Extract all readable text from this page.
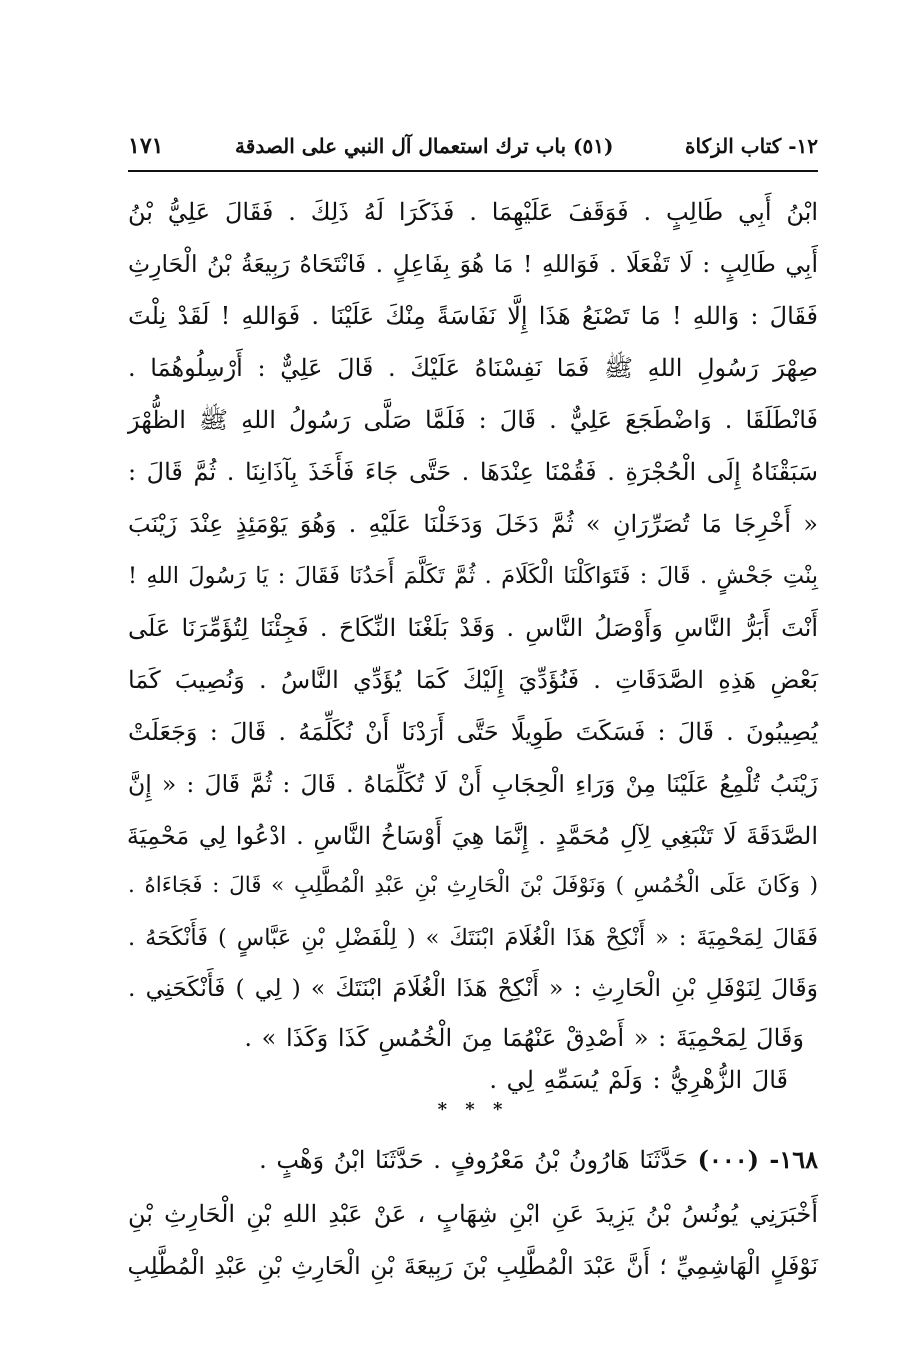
١٢- كتاب الزكاة
(٥١) باب ترك استعمال آل النبي على الصدقة
١٧١
ابْنُ أَبِي طَالِبٍ . فَوَقَفَ عَلَيْهِمَا . فَذَكَرَا لَهُ ذَلِكَ . فَقَالَ عَلِيُّ بْنُ
أَبِي طَالِبٍ : لَا تَفْعَلَا . فَوَاللهِ ! مَا هُوَ بِفَاعِلٍ . فَانْتَحَاهُ رَبِيعَةُ بْنُ الْحَارِثِ
فَقَالَ : وَاللهِ ! مَا تَصْنَعُ هَذَا إِلَّا نَفَاسَةً مِنْكَ عَلَيْنَا . فَوَاللهِ ! لَقَدْ نِلْتَ
صِهْرَ رَسُولِ اللهِ ﷺ فَمَا نَفِسْنَاهُ عَلَيْكَ . قَالَ عَلِيٌّ : أَرْسِلُوهُمَا .
فَانْطَلَقَا . وَاضْطَجَعَ عَلِيٌّ . قَالَ : فَلَمَّا صَلَّى رَسُولُ اللهِ ﷺ الظُّهْرَ
سَبَقْنَاهُ إِلَى الْحُجْرَةِ . فَقُمْنَا عِنْدَهَا . حَتَّى جَاءَ فَأَخَذَ بِآذَانِنَا . ثُمَّ قَالَ :
« أَخْرِجَا مَا تُصَرِّرَانِ » ثُمَّ دَخَلَ وَدَخَلْنَا عَلَيْهِ . وَهُوَ يَوْمَئِذٍ عِنْدَ زَيْنَبَ
بِنْتِ جَحْشٍ . قَالَ : فَتَوَاكَلْنَا الْكَلَامَ . ثُمَّ تَكَلَّمَ أَحَدُنَا فَقَالَ : يَا رَسُولَ اللهِ !
أَنْتَ أَبَرُّ النَّاسِ وَأَوْصَلُ النَّاسِ . وَقَدْ بَلَغْنَا النِّكَاحَ . فَجِئْنَا لِتُؤَمِّرَنَا عَلَى
بَعْضِ هَذِهِ الصَّدَقَاتِ . فَنُؤَدِّيَ إِلَيْكَ كَمَا يُؤَدِّي النَّاسُ . وَنُصِيبَ كَمَا
يُصِيبُونَ . قَالَ : فَسَكَتَ طَوِيلًا حَتَّى أَرَدْنَا أَنْ نُكَلِّمَهُ . قَالَ : وَجَعَلَتْ
زَيْنَبُ تُلْمِعُ عَلَيْنَا مِنْ وَرَاءِ الْحِجَابِ أَنْ لَا تُكَلِّمَاهُ . قَالَ : ثُمَّ قَالَ : « إِنَّ
الصَّدَقَةَ لَا تَنْبَغِي لِآلِ مُحَمَّدٍ . إِنَّمَا هِيَ أَوْسَاخُ النَّاسِ . ادْعُوا لِي مَحْمِيَةَ
( وَكَانَ عَلَى الْخُمُسِ ) وَنَوْفَلَ بْنَ الْحَارِثِ بْنِ عَبْدِ الْمُطَّلِبِ » قَالَ : فَجَاءَاهُ .
فَقَالَ لِمَحْمِيَةَ : « أَنْكِحْ هَذَا الْغُلَامَ ابْنَتَكَ » ( لِلْفَضْلِ بْنِ عَبَّاسٍ ) فَأَنْكَحَهُ .
وَقَالَ لِنَوْفَلِ بْنِ الْحَارِثِ : « أَنْكِحْ هَذَا الْغُلَامَ ابْنَتَكَ » ( لِي ) فَأَنْكَحَنِي .
وَقَالَ لِمَحْمِيَةَ : « أَصْدِقْ عَنْهُمَا مِنَ الْخُمُسِ كَذَا وَكَذَا » .
قَالَ الزُّهْرِيُّ : وَلَمْ يُسَمِّهِ لِي .
* * *
١٦٨- (٠٠٠) حَدَّثَنَا هَارُونُ بْنُ مَعْرُوفٍ . حَدَّثَنَا ابْنُ وَهْبٍ .
أَخْبَرَنِي يُونُسُ بْنُ يَزِيدَ عَنِ ابْنِ شِهَابٍ ، عَنْ عَبْدِ اللهِ بْنِ الْحَارِثِ بْنِ
نَوْفَلٍ الْهَاشِمِيِّ ؛ أَنَّ عَبْدَ الْمُطَّلِبِ بْنَ رَبِيعَةَ بْنِ الْحَارِثِ بْنِ عَبْدِ الْمُطَّلِبِ
